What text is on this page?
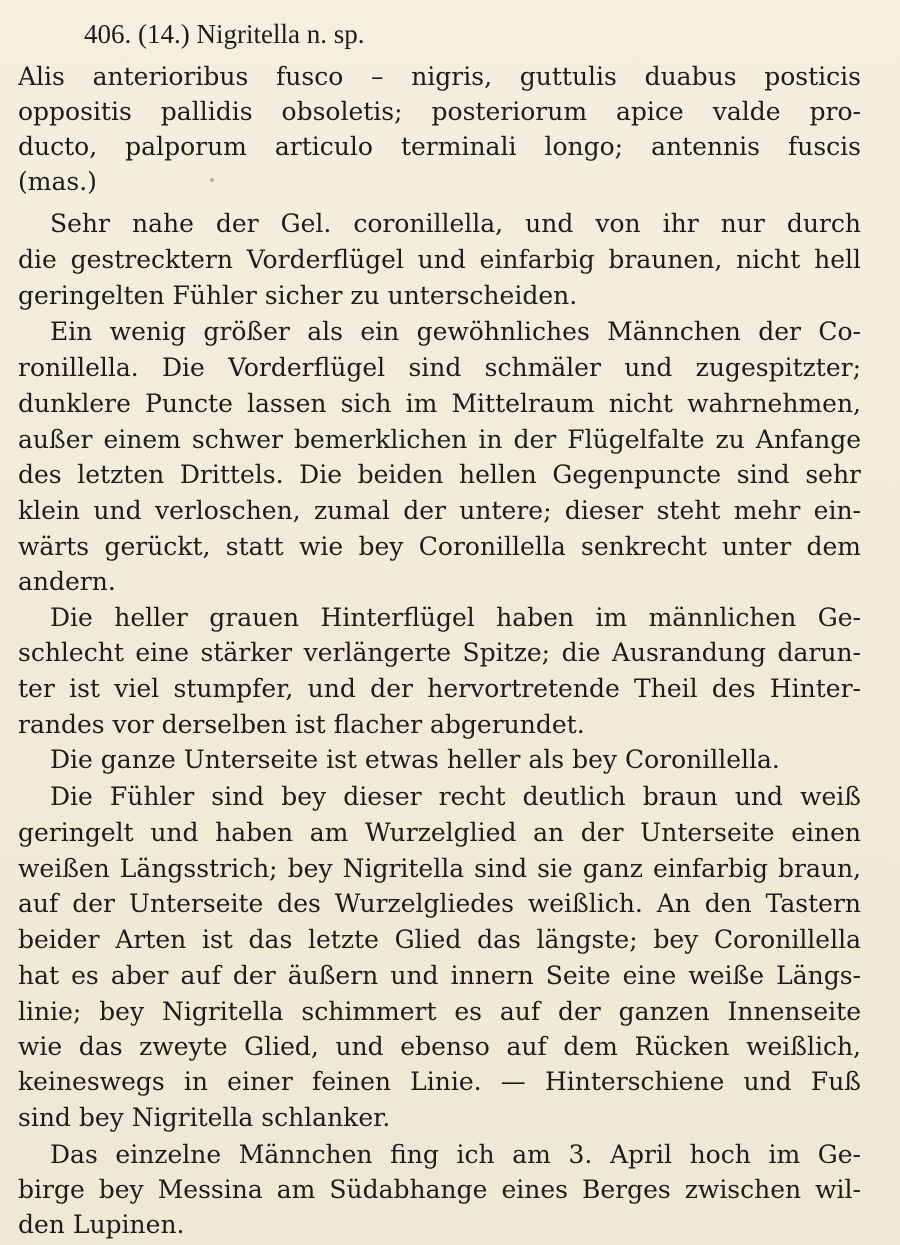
406. (14.) Nigritella n. sp.
Alis anterioribus fusco – nigris, guttulis duabus posticis
oppositis pallidis obsoletis; posteriorum apice valde pro-
ducto, palporum articulo terminali longo; antennis fuscis
(mas.)
Sehr nahe der Gel. coronillella, und von ihr nur durch
die gestrecktern Vorderflügel und einfarbig braunen, nicht hell
geringelten Fühler sicher zu unterscheiden.
Ein wenig größer als ein gewöhnliches Männchen der Co-
ronillella. Die Vorderflügel sind schmäler und zugespitzter;
dunklere Puncte lassen sich im Mittelraum nicht wahrnehmen,
außer einem schwer bemerklichen in der Flügelfalte zu Anfange
des letzten Drittels. Die beiden hellen Gegenpuncte sind sehr
klein und verloschen, zumal der untere; dieser steht mehr ein-
wärts gerückt, statt wie bey Coronillella senkrecht unter dem
andern.
Die heller grauen Hinterflügel haben im männlichen Ge-
schlecht eine stärker verlängerte Spitze; die Ausrandung darun-
ter ist viel stumpfer, und der hervortretende Theil des Hinter-
randes vor derselben ist flacher abgerundet.
Die ganze Unterseite ist etwas heller als bey Coronillella.
Die Fühler sind bey dieser recht deutlich braun und weiß
geringelt und haben am Wurzelglied an der Unterseite einen
weißen Längsstrich; bey Nigritella sind sie ganz einfarbig braun,
auf der Unterseite des Wurzelgliedes weißlich. An den Tastern
beider Arten ist das letzte Glied das längste; bey Coronillella
hat es aber auf der äußern und innern Seite eine weiße Längs-
linie; bey Nigritella schimmert es auf der ganzen Innenseite
wie das zweyte Glied, und ebenso auf dem Rücken weißlich,
keineswegs in einer feinen Linie. — Hinterschiene und Fuß
sind bey Nigritella schlanker.
Das einzelne Männchen fing ich am 3. April hoch im Ge-
birge bey Messina am Südabhange eines Berges zwischen wil-
den Lupinen.
